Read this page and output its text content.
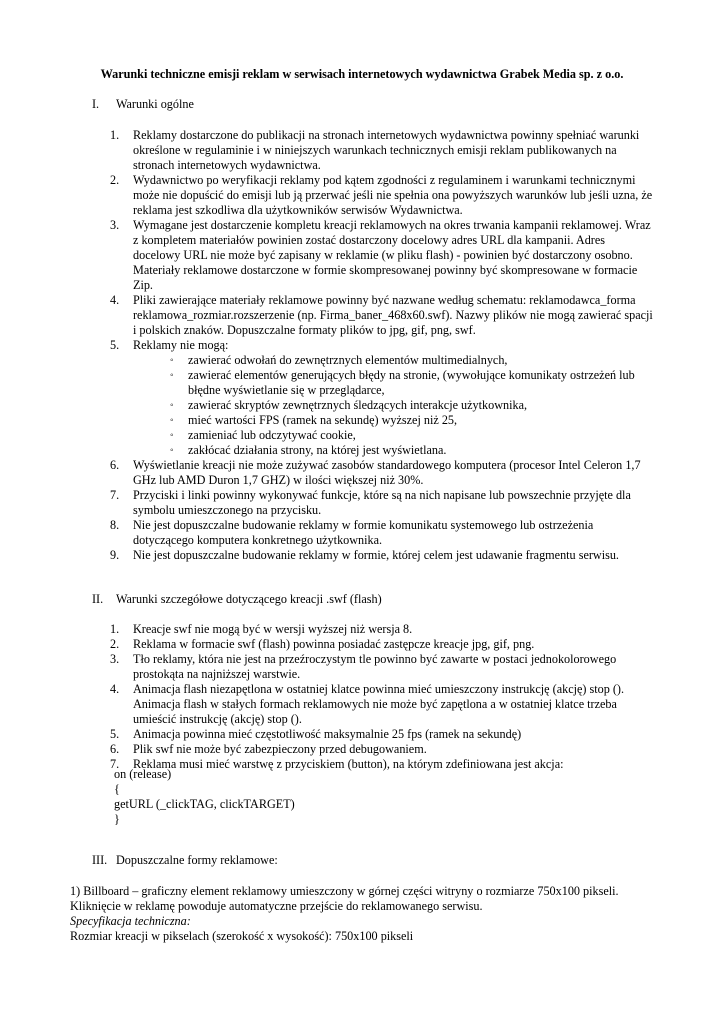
Warunki techniczne emisji reklam w serwisach internetowych wydawnictwa Grabek Media sp. z o.o.
I. Warunki ogólne
1. Reklamy dostarczone do publikacji na stronach internetowych wydawnictwa powinny spełniać warunki określone w regulaminie i w niniejszych warunkach technicznych emisji reklam publikowanych na stronach internetowych wydawnictwa.
2. Wydawnictwo po weryfikacji reklamy pod kątem zgodności z regulaminem i warunkami technicznymi może nie dopuścić do emisji lub ją przerwać jeśli nie spełnia ona powyższych warunków lub jeśli uzna, że reklama jest szkodliwa dla użytkowników serwisów Wydawnictwa.
3. Wymagane jest dostarczenie kompletu kreacji reklamowych na okres trwania kampanii reklamowej. Wraz z kompletem materiałów powinien zostać dostarczony docelowy adres URL dla kampanii. Adres docelowy URL nie może być zapisany w reklamie (w pliku flash) - powinien być dostarczony osobno. Materiały reklamowe dostarczone w formie skompresowanej powinny być skompresowane w formacie Zip.
4. Pliki zawierające materiały reklamowe powinny być nazwane według schematu: reklamodawca_forma reklamowa_rozmiar.rozszerzenie (np. Firma_baner_468x60.swf). Nazwy plików nie mogą zawierać spacji i polskich znaków. Dopuszczalne formaty plików to jpg, gif, png, swf.
5. Reklamy nie mogą:
◦ zawierać odwołań do zewnętrznych elementów multimedialnych,
◦ zawierać elementów generujących błędy na stronie, (wywołujące komunikaty ostrzeżeń lub błędne wyświetlanie się w przeglądarce,
◦ zawierać skryptów zewnętrznych śledzących interakcje użytkownika,
◦ mieć wartości FPS (ramek na sekundę) wyższej niż 25,
◦ zamieniać lub odczytywać cookie,
◦ zakłócać działania strony, na której jest wyświetlana.
6. Wyświetlanie kreacji nie może zużywać zasobów standardowego komputera (procesor Intel Celeron 1,7 GHz lub AMD Duron 1,7 GHZ) w ilości większej niż 30%.
7. Przyciski i linki powinny wykonywać funkcje, które są na nich napisane lub powszechnie przyjęte dla symbolu umieszczonego na przycisku.
8. Nie jest dopuszczalne budowanie reklamy w formie komunikatu systemowego lub ostrzeżenia dotyczącego komputera konkretnego użytkownika.
9. Nie jest dopuszczalne budowanie reklamy w formie, której celem jest udawanie fragmentu serwisu.
II. Warunki szczegółowe dotyczącego kreacji .swf (flash)
1. Kreacje swf nie mogą być w wersji wyższej niż wersja 8.
2. Reklama w formacie swf (flash) powinna posiadać zastępcze kreacje jpg, gif, png.
3. Tło reklamy, która nie jest na przeźroczystym tle powinno być zawarte w postaci jednokolorowego prostokąta na najniższej warstwie.
4. Animacja flash niezapętlona w ostatniej klatce powinna mieć umieszczony instrukcję (akcję) stop (). Animacja flash w stałych formach reklamowych nie może być zapętlona a w ostatniej klatce trzeba umieścić instrukcję (akcję) stop ().
5. Animacja powinna mieć częstotliwość maksymalnie 25 fps (ramek na sekundę)
6. Plik swf nie może być zabezpieczony przed debugowaniem.
7. Reklama musi mieć warstwę z przyciskiem (button), na którym zdefiniowana jest akcja:
on (release)
{
getURL (_clickTAG, clickTARGET)
}
III. Dopuszczalne formy reklamowe:
1) Billboard – graficzny element reklamowy umieszczony w górnej części witryny o rozmiarze 750x100 pikseli.
Kliknięcie w reklamę powoduje automatyczne przejście do reklamowanego serwisu.
Specyfikacja techniczna:
Rozmiar kreacji w pikselach (szerokość x wysokość): 750x100 pikseli
